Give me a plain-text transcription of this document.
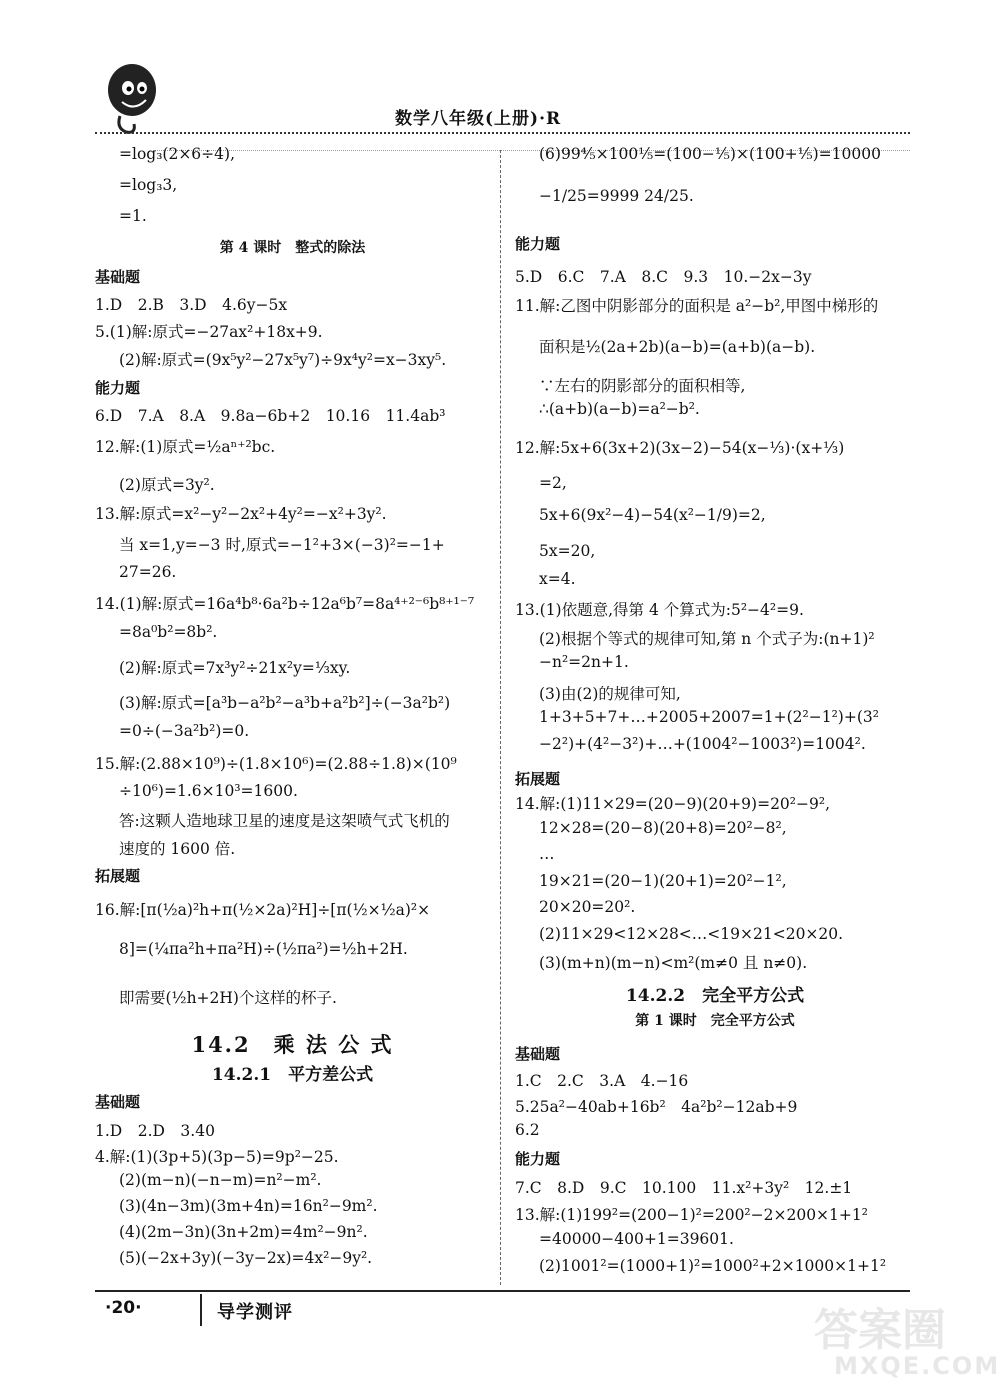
数学八年级(上册)·R
=log₃(2×6÷4),
=log₃3,
=1.
第 4 课时　整式的除法
基础题
1.D　2.B　3.D　4.6y−5x
5.(1)解:原式=−27ax²+18x+9.
(2)解:原式=(9x⁵y²−27x⁵y⁷)÷9x⁴y²=x−3xy⁵.
能力题
6.D　7.A　8.A　9.8a−6b+2　10.16　11.4ab³
12.解:(1)原式=½aⁿ⁺²bc.
(2)原式=3y².
13.解:原式=x²−y²−2x²+4y²=−x²+3y².
当 x=1,y=−3 时,原式=−1²+3×(−3)²=−1+
27=26.
14.(1)解:原式=16a⁴b⁸·6a²b÷12a⁶b⁷=8a⁴⁺²⁻⁶b⁸⁺¹⁻⁷
=8a⁰b²=8b².
(2)解:原式=7x³y²÷21x²y=⅓xy.
(3)解:原式=[a³b−a²b²−a³b+a²b²]÷(−3a²b²)
=0÷(−3a²b²)=0.
15.解:(2.88×10⁹)÷(1.8×10⁶)=(2.88÷1.8)×(10⁹
÷10⁶)=1.6×10³=1600.
答:这颗人造地球卫星的速度是这架喷气式飞机的
速度的 1600 倍.
拓展题
16.解:[π(½a)²h+π(½×2a)²H]÷[π(½×½a)²×
8]=(¼πa²h+πa²H)÷(½πa²)=½h+2H.
即需要(½h+2H)个这样的杯子.
14.2　乘 法 公 式
14.2.1　平方差公式
基础题
1.D　2.D　3.40
4.解:(1)(3p+5)(3p−5)=9p²−25.
(2)(m−n)(−n−m)=n²−m².
(3)(4n−3m)(3m+4n)=16n²−9m².
(4)(2m−3n)(3n+2m)=4m²−9n².
(5)(−2x+3y)(−3y−2x)=4x²−9y².
(6)99⅘×100⅕=(100−⅕)×(100+⅕)=10000
−1/25=9999 24/25.
能力题
5.D　6.C　7.A　8.C　9.3　10.−2x−3y
11.解:乙图中阴影部分的面积是 a²−b²,甲图中梯形的
面积是½(2a+2b)(a−b)=(a+b)(a−b).
∵左右的阴影部分的面积相等,
∴(a+b)(a−b)=a²−b².
12.解:5x+6(3x+2)(3x−2)−54(x−⅓)·(x+⅓)
=2,
5x+6(9x²−4)−54(x²−1/9)=2,
5x=20,
x=4.
13.(1)依题意,得第 4 个算式为:5²−4²=9.
(2)根据个等式的规律可知,第 n 个式子为:(n+1)²
−n²=2n+1.
(3)由(2)的规律可知,
1+3+5+7+…+2005+2007=1+(2²−1²)+(3²
−2²)+(4²−3²)+…+(1004²−1003²)=1004².
拓展题
14.解:(1)11×29=(20−9)(20+9)=20²−9²,
12×28=(20−8)(20+8)=20²−8²,
…
19×21=(20−1)(20+1)=20²−1²,
20×20=20².
(2)11×29<12×28<…<19×21<20×20.
(3)(m+n)(m−n)<m²(m≠0 且 n≠0).
14.2.2　完全平方公式
第 1 课时　完全平方公式
基础题
1.C　2.C　3.A　4.−16
5.25a²−40ab+16b²　4a²b²−12ab+9
6.2
能力题
7.C　8.D　9.C　10.100　11.x²+3y²　12.±1
13.解:(1)199²=(200−1)²=200²−2×200×1+1²
=40000−400+1=39601.
(2)1001²=(1000+1)²=1000²+2×1000×1+1²
·20·	导学测评	答案圈
MXQE.COM
